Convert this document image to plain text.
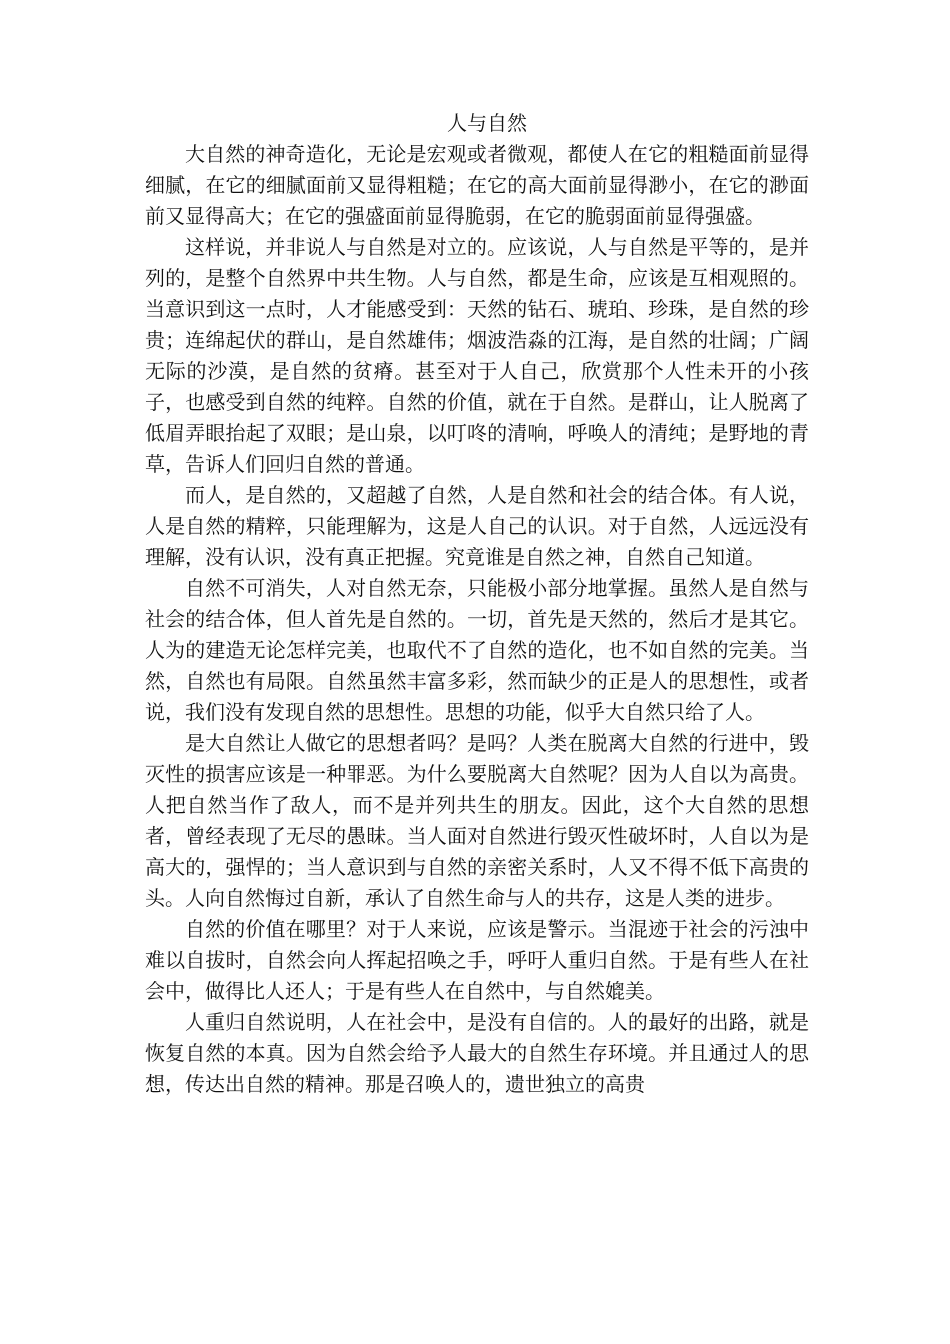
人与自然

大自然的神奇造化，无论是宏观或者微观，都使人在它的粗糙面前显得细腻，在它的细腻面前又显得粗糙；在它的高大面前显得渺小，在它的渺面前又显得高大；在它的强盛面前显得脆弱，在它的脆弱面前显得强盛。

这样说，并非说人与自然是对立的。应该说，人与自然是平等的，是并列的，是整个自然界中共生物。人与自然，都是生命，应该是互相观照的。当意识到这一点时，人才能感受到：天然的钻石、琥珀、珍珠，是自然的珍贵；连绵起伏的群山，是自然雄伟；烟波浩淼的江海，是自然的壮阔；广阔无际的沙漠，是自然的贫瘠。甚至对于人自己，欣赏那个人性未开的小孩子，也感受到自然的纯粹。自然的价值，就在于自然。是群山，让人脱离了低眉弄眼抬起了双眼；是山泉，以叮咚的清响，呼唤人的清纯；是野地的青草，告诉人们回归自然的普通。

而人，是自然的，又超越了自然，人是自然和社会的结合体。有人说，人是自然的精粹，只能理解为，这是人自己的认识。对于自然，人远远没有理解，没有认识，没有真正把握。究竟谁是自然之神，自然自己知道。

自然不可消失，人对自然无奈，只能极小部分地掌握。虽然人是自然与社会的结合体，但人首先是自然的。一切，首先是天然的，然后才是其它。人为的建造无论怎样完美，也取代不了自然的造化，也不如自然的完美。当然，自然也有局限。自然虽然丰富多彩，然而缺少的正是人的思想性，或者说，我们没有发现自然的思想性。思想的功能，似乎大自然只给了人。

是大自然让人做它的思想者吗？是吗？人类在脱离大自然的行进中，毁灭性的损害应该是一种罪恶。为什么要脱离大自然呢？因为人自以为高贵。人把自然当作了敌人，而不是并列共生的朋友。因此，这个大自然的思想者，曾经表现了无尽的愚昧。当人面对自然进行毁灭性破坏时，人自以为是高大的，强悍的；当人意识到与自然的亲密关系时，人又不得不低下高贵的头。人向自然悔过自新，承认了自然生命与人的共存，这是人类的进步。

自然的价值在哪里？对于人来说，应该是警示。当混迹于社会的污浊中难以自拔时，自然会向人挥起招唤之手，呼吁人重归自然。于是有些人在社会中，做得比人还人；于是有些人在自然中，与自然媲美。

人重归自然说明，人在社会中，是没有自信的。人的最好的出路，就是恢复自然的本真。因为自然会给予人最大的自然生存环境。并且通过人的思想，传达出自然的精神。那是召唤人的，遗世独立的高贵
